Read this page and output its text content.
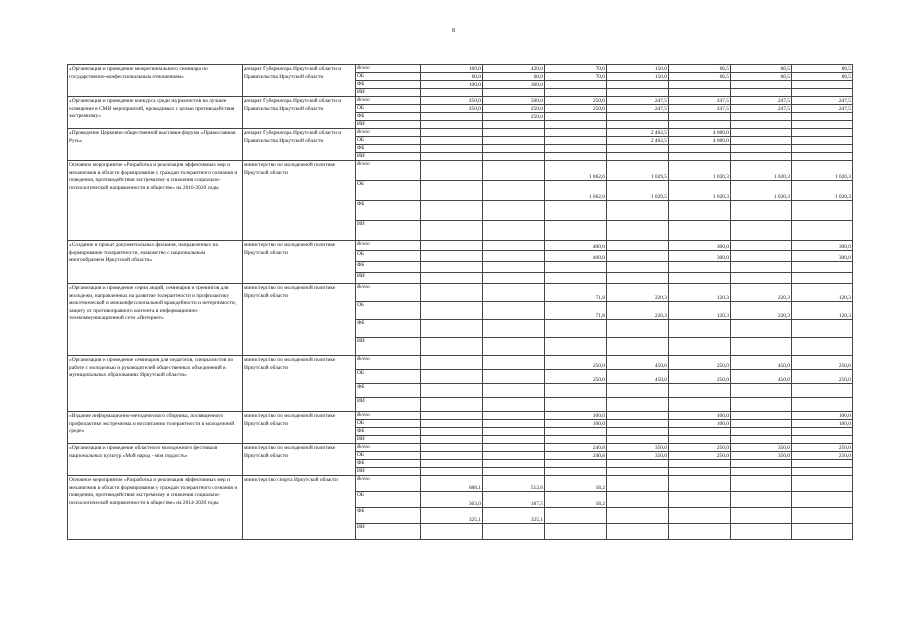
8
«Организация и проведение межрегионального семинара по государственно-конфессиональным отношениям»	аппарат Губернатора Иркутской области и Правительства Иркутской области	Всего	160,0	420,0	70,0	150,0	66,5	66,5	66,5
		ОБ	60,0	60,0	70,0	150,0	66,5	66,5	66,5
		ФБ	100,0	360,0					
		ИИ							
«Организация и проведение конкурса среди журналистов на лучшее освещение в СМИ мероприятий, проводимых с целью противодействия экстремизму»	аппарат Губернатора Иркутской области и Правительства Иркутской области	Всего	250,0	500,0	250,0	247,5	247,5	247,5	247,5
		ОБ	250,0	250,0	250,0	247,5	247,5	247,5	247,5
		ФБ		250,0					
		ИИ							
«Проведение Церковно-общественной выставки-форума «Православная Русь»	аппарат Губернатора Иркутской области и Правительства Иркутской области	Всего				2 462,5	4 000,0		
		ОБ				2 462,5	4 000,0		
		ФБ							
		ИИ							
Основное мероприятие «Разработка и реализация эффективных мер и механизмов в области формирования у граждан толерантного сознания и поведения, противодействия экстремизму и снижения социально-психологической напряженности в обществе» на 2016-2020 годы	министерство по молодежной политике Иркутской области	Всего			1 062,6	1 029,5	1 020,3	1 020,3	1 020,3
		ОБ			1 062,6	1 029,5	1 020,3	1 020,3	1 020,3
		ФБ							
		ИИ							
«Создание и прокат документальных фильмов, направленных на формирование толерантности, знакомство с национальным многообразием Иркутской области»	министерство по молодежной политике Иркутской области	Всего			400,0		300,0		300,0
		ОБ			400,0		300,0		300,0
		ФБ							
		ИИ							
«Организация и проведение серии акций, семинаров и тренингов для молодежи, направленных на развитие толерантности и профилактику межэтнической и межконфессиональной враждебности и нетерпимости, защиту от противоправного контента в информационно-телекоммуникационной сети «Интернет»	министерство по молодежной политике Иркутской области	Всего			71,8	220,3	120,3	220,3	120,3
		ОБ			71,8	220,3	120,3	220,3	120,3
		ФБ							
		ИИ							
«Организация и проведение семинаров для педагогов, специалистов по работе с молодежью и руководителей общественных объединений в муниципальных образованиях Иркутской области»	министерство по молодежной политике Иркутской области	Всего			250,0	450,0	250,0	450,0	250,0
		ОБ			250,0	450,0	250,0	450,0	250,0
		ФБ							
		ИИ							
«Издание информационно-методического сборника, посвященного профилактике экстремизма и воспитанию толерантности в молодежной среде»	министерство по молодежной политике Иркутской области	Всего			100,0		100,0		100,0
		ОБ			100,0		100,0		100,0
		ФБ							
		ИИ							
«Организация и проведение областного молодежного фестиваля национальных культур «Мой народ - моя гордость»	министерство по молодежной политике Иркутской области	Всего			240,8	350,0	250,0	350,0	250,0
		ОБ			240,8	350,0	250,0	350,0	250,0
		ФБ							
		ИИ							
Основное мероприятие «Разработка и реализация эффективных мер и механизмов в области формирования у граждан толерантного сознания и поведения, противодействия экстремизму и снижения социально-психологической напряженности в обществе» на 2014-2020 годы	министерство спорта Иркутской области	Всего	688,1	512,6	18,2				
		ОБ	363,0	187,5	18,2				
		ФБ	325,1	325,1					
		ИИ							
